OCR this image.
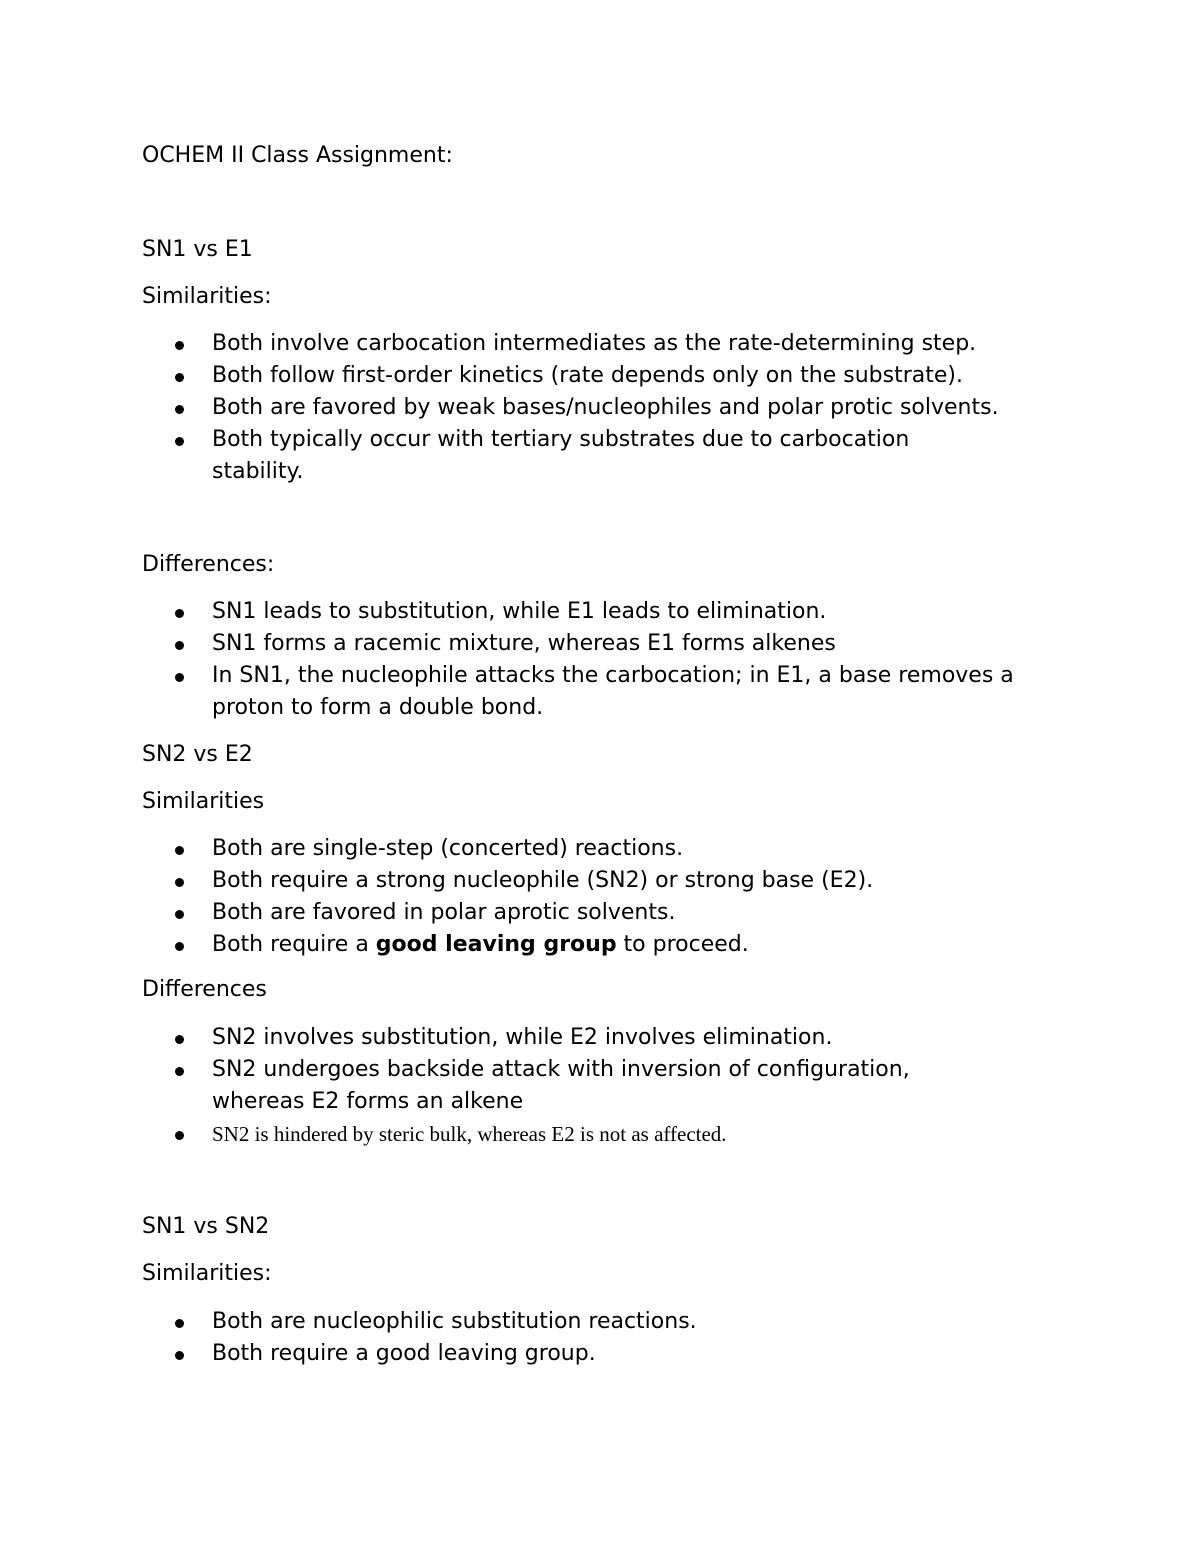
OCHEM II Class Assignment:
SN1 vs E1
Similarities:
Both involve carbocation intermediates as the rate-determining step.
Both follow first-order kinetics (rate depends only on the substrate).
Both are favored by weak bases/nucleophiles and polar protic solvents.
Both typically occur with tertiary substrates due to carbocation stability.
Differences:
SN1 leads to substitution, while E1 leads to elimination.
SN1 forms a racemic mixture, whereas E1 forms alkenes
In SN1, the nucleophile attacks the carbocation; in E1, a base removes a proton to form a double bond.
SN2 vs E2
Similarities
Both are single-step (concerted) reactions.
Both require a strong nucleophile (SN2) or strong base (E2).
Both are favored in polar aprotic solvents.
Both require a good leaving group to proceed.
Differences
SN2 involves substitution, while E2 involves elimination.
SN2 undergoes backside attack with inversion of configuration, whereas E2 forms an alkene
SN2 is hindered by steric bulk, whereas E2 is not as affected.
SN1 vs SN2
Similarities:
Both are nucleophilic substitution reactions.
Both require a good leaving group.
